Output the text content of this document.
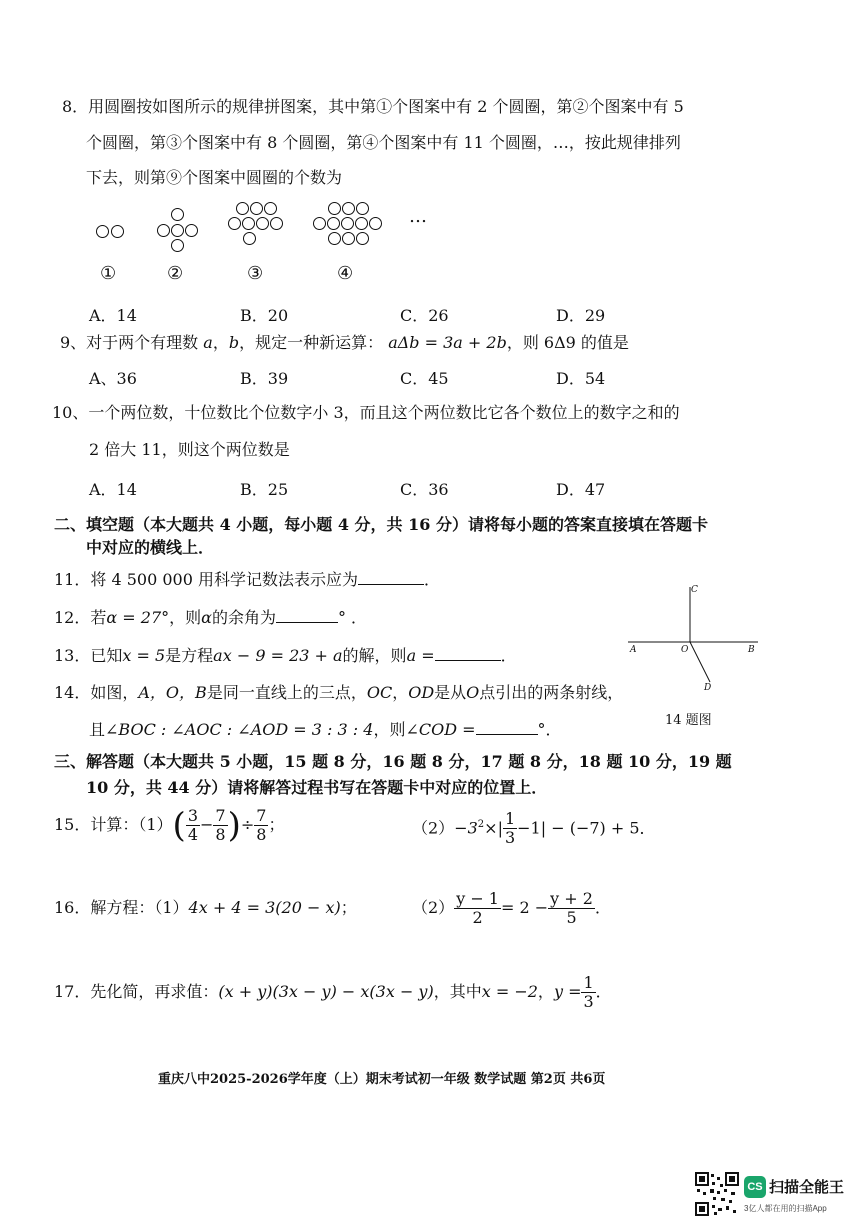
8．用圆圈按如图所示的规律拼图案，其中第①个图案中有 2 个圆圈，第②个图案中有 5
个圆圈，第③个图案中有 8 个圆圈，第④个图案中有 11 个圆圈，…，按此规律排列
下去，则第⑨个图案中圆圈的个数为
…
①	②	③	④
A．14	B．20	C．26	D．29
9、对于两个有理数 a，b，规定一种新运算： aΔb = 3a + 2b，则 6Δ9 的值是
A、36	B．39	C．45	D．54
10、一个两位数，十位数比个位数字小 3，而且这个两位数比它各个数位上的数字之和的
2 倍大 11，则这个两位数是
A．14	B．25	C．36	D．47
二、填空题（本大题共 4 小题，每小题 4 分，共 16 分）请将每小题的答案直接填在答题卡
中对应的横线上．
11．将 4 500 000 用科学记数法表示应为	．
12．若α = 27°，则α的余角为	° ．
13．已知x = 5是方程ax − 9 = 23 + a的解，则a =	．
14．如图，A，O，B是同一直线上的三点，OC，OD是从O点引出的两条射线，
且∠BOC : ∠AOC : ∠AOD = 3 : 3 : 4，则∠COD =	°．
C
A	O	B
D
14 题图
三、解答题（本大题共 5 小题，15 题 8 分，16 题 8 分，17 题 8 分，18 题 10 分，19 题
10 分，共 44 分）请将解答过程书写在答题卡中对应的位置上．
15．计算：$(1)( \frac{3}{4} - \frac{7}{8}$ )÷ $\frac{7}{8}$ ；	$(2)-3^2\times| \frac{1}{3} -1| - (-7) + 5$．
16．解方程：（1）4x + 4 = 3(20 − x)；	$(2) \frac{y - 1}{2} = 2 - \frac{y + 2}{5}$ ．
17．先化简，再求值：(x + y)(3x − y) − x(3x − y)，其中x = −2，$y = \frac{1}{3}$ ．
重庆八中2025-2026学年度（上）期末考试初一年级 数学试题 第2页 共6页
CS 扫描全能王
3亿人都在用的扫描App
